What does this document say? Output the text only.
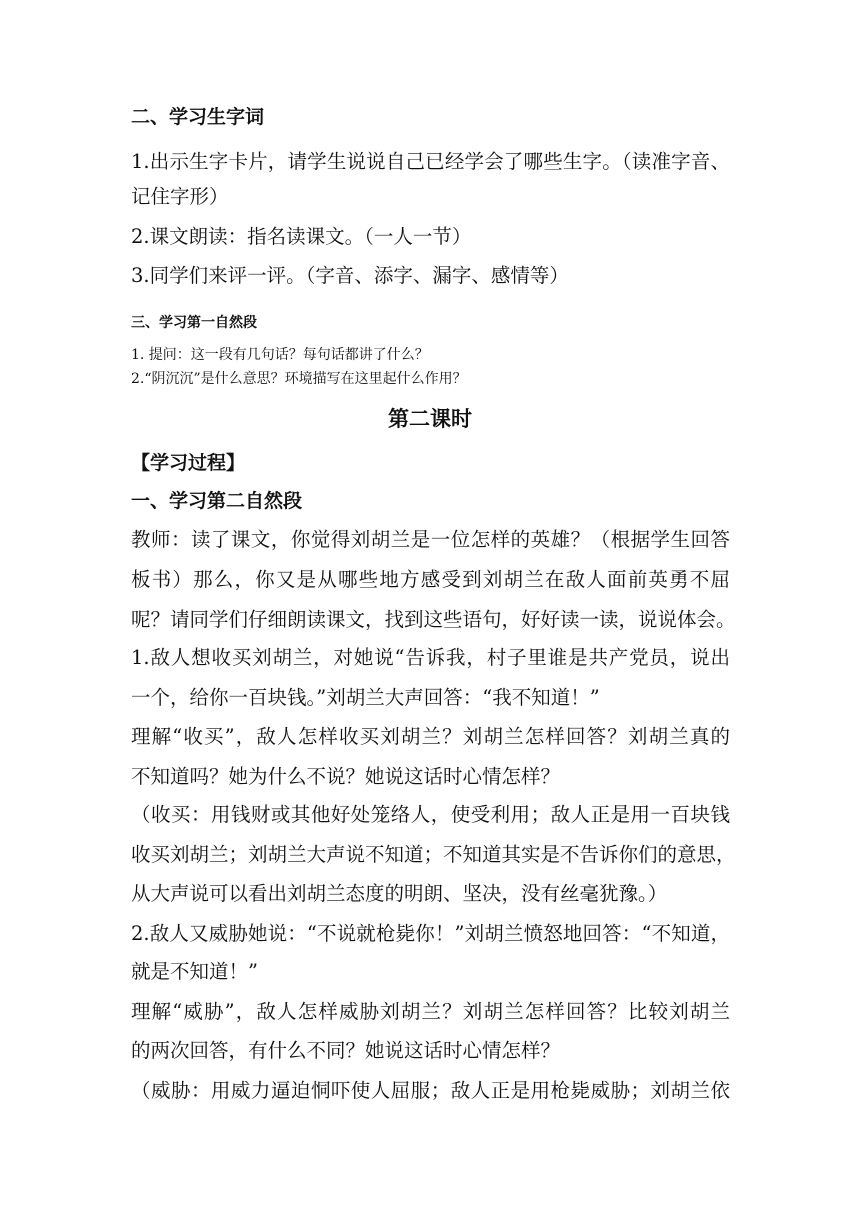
二、学习生字词
1.出示生字卡片，请学生说说自己已经学会了哪些生字。（读准字音、
记住字形）
2.课文朗读：指名读课文。（一人一节）
3.同学们来评一评。（字音、添字、漏字、感情等）
三、学习第一自然段
1. 提问：这一段有几句话？每句话都讲了什么？
2.“阴沉沉”是什么意思？环境描写在这里起什么作用？
第二课时
【学习过程】
一、学习第二自然段
教师：读了课文，你觉得刘胡兰是一位怎样的英雄？（根据学生回答
板书）那么，你又是从哪些地方感受到刘胡兰在敌人面前英勇不屈
呢？请同学们仔细朗读课文，找到这些语句，好好读一读，说说体会。
1.敌人想收买刘胡兰，对她说“告诉我，村子里谁是共产党员，说出
一个，给你一百块钱。”刘胡兰大声回答：“我不知道！”
理解“收买”，敌人怎样收买刘胡兰？刘胡兰怎样回答？刘胡兰真的
不知道吗？她为什么不说？她说这话时心情怎样？
（收买：用钱财或其他好处笼络人，使受利用；敌人正是用一百块钱
收买刘胡兰；刘胡兰大声说不知道；不知道其实是不告诉你们的意思，
从大声说可以看出刘胡兰态度的明朗、坚决，没有丝毫犹豫。）
2.敌人又威胁她说：“不说就枪毙你！”刘胡兰愤怒地回答：“不知道，
就是不知道！”
理解“威胁”，敌人怎样威胁刘胡兰？刘胡兰怎样回答？比较刘胡兰
的两次回答，有什么不同？她说这话时心情怎样？
（威胁：用威力逼迫恫吓使人屈服；敌人正是用枪毙威胁；刘胡兰依
